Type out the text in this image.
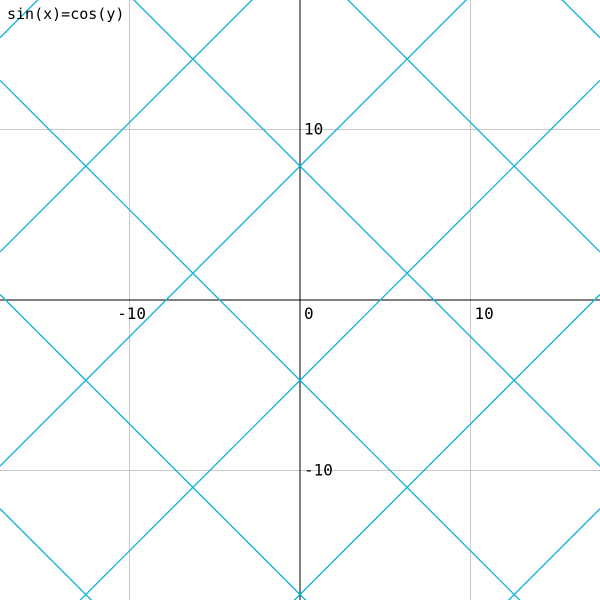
-10	0	10
10
-10
sin(x)=cos(y)
